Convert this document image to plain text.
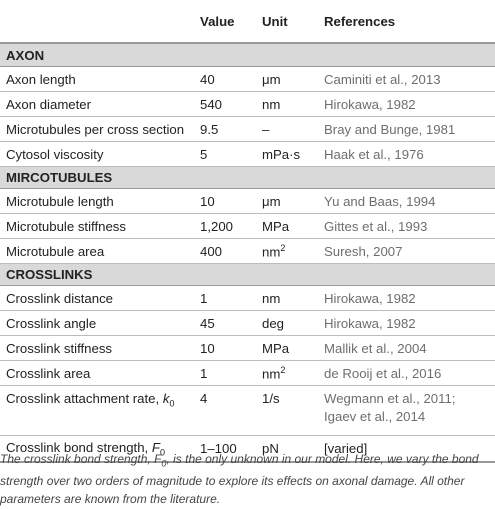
	Value	Unit	References
AXON			
Axon length	40	μm	Caminiti et al., 2013
Axon diameter	540	nm	Hirokawa, 1982
Microtubules per cross section	9.5	–	Bray and Bunge, 1981
Cytosol viscosity	5	mPa·s	Haak et al., 1976
MIRCOTUBULES			
Microtubule length	10	μm	Yu and Baas, 1994
Microtubule stiffness	1,200	MPa	Gittes et al., 1993
Microtubule area	400	$nm^2$	Suresh, 2007
CROSSLINKS			
Crosslink distance	1	nm	Hirokawa, 1982
Crosslink angle	45	deg	Hirokawa, 1982
Crosslink stiffness	10	MPa	Mallik et al., 2004
Crosslink area	1	$nm^2$	de Rooij et al., 2016
Crosslink attachment rate, $k_0$	4	1/s	Wegmann et al., 2011;
Igaev et al., 2014

Crosslink bond strength, $F_0$	1–100	pN	[varied]
The crosslink bond strength, $F_0$, is the only unknown in our model. Here, we vary the bond
strength over two orders of magnitude to explore its effects on axonal damage. All other
parameters are known from the literature.
